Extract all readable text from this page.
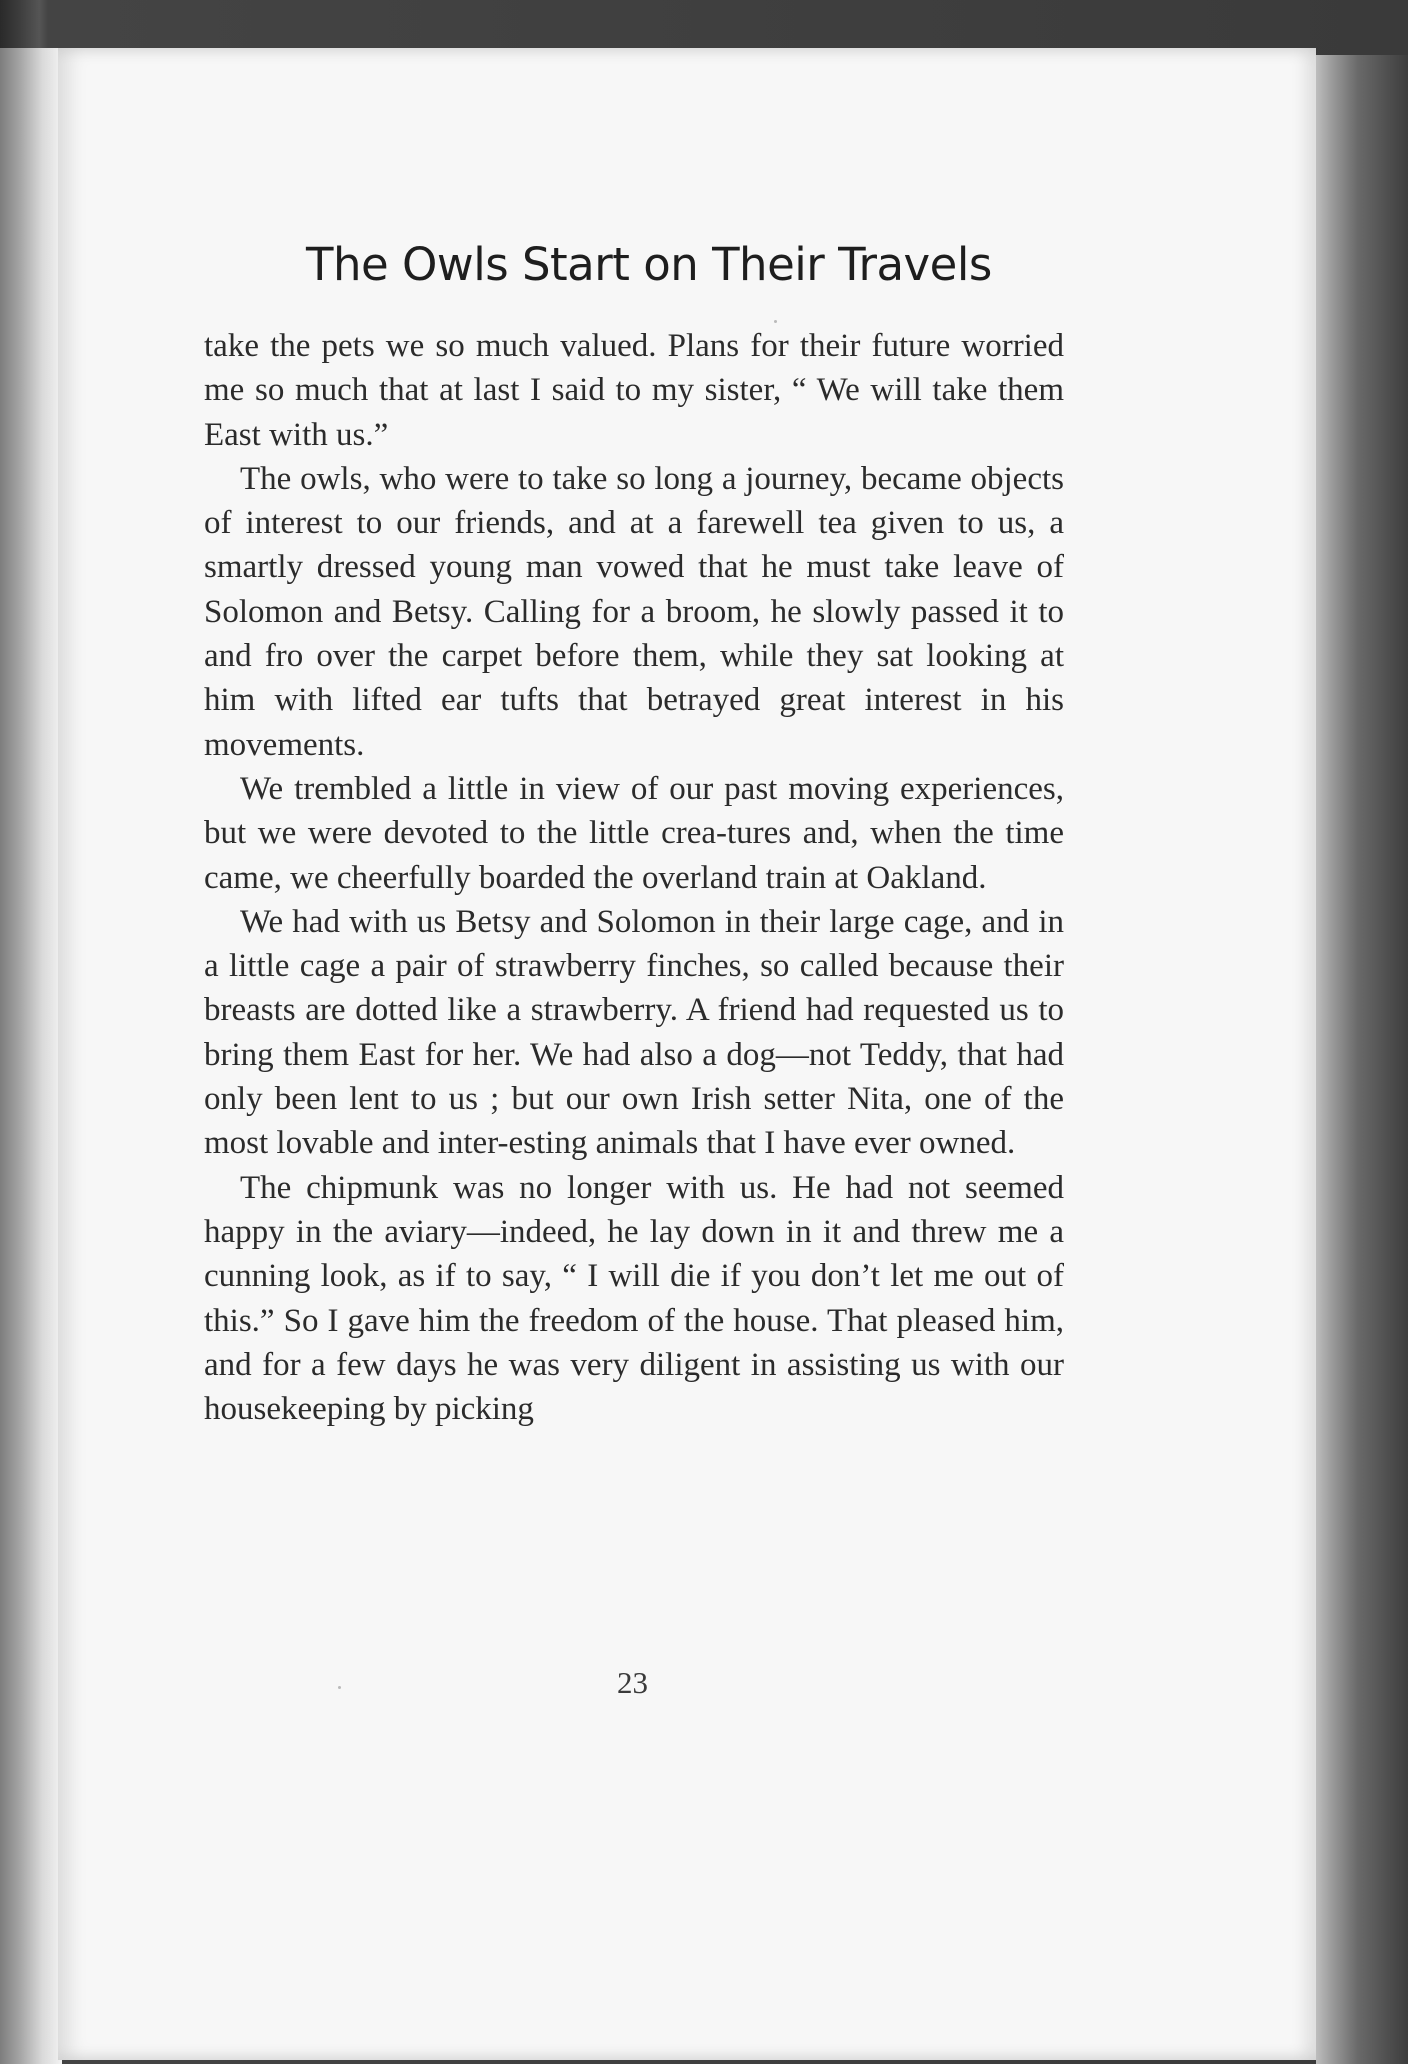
The Owls Start on Their Travels

take the pets we so much valued. Plans for their future worried me so much that at last I said to my sister, “ We will take them East with us.”

The owls, who were to take so long a journey, became objects of interest to our friends, and at a farewell tea given to us, a smartly dressed young man vowed that he must take leave of Solomon and Betsy. Calling for a broom, he slowly passed it to and fro over the carpet before them, while they sat looking at him with lifted ear tufts that betrayed great interest in his movements.

We trembled a little in view of our past moving experiences, but we were devoted to the little crea-tures and, when the time came, we cheerfully boarded the overland train at Oakland.

We had with us Betsy and Solomon in their large cage, and in a little cage a pair of strawberry finches, so called because their breasts are dotted like a strawberry. A friend had requested us to bring them East for her. We had also a dog—not Teddy, that had only been lent to us ; but our own Irish setter Nita, one of the most lovable and inter-esting animals that I have ever owned.

The chipmunk was no longer with us. He had not seemed happy in the aviary—indeed, he lay down in it and threw me a cunning look, as if to say, “ I will die if you don’t let me out of this.” So I gave him the freedom of the house. That pleased him, and for a few days he was very diligent in assisting us with our housekeeping by picking

23
